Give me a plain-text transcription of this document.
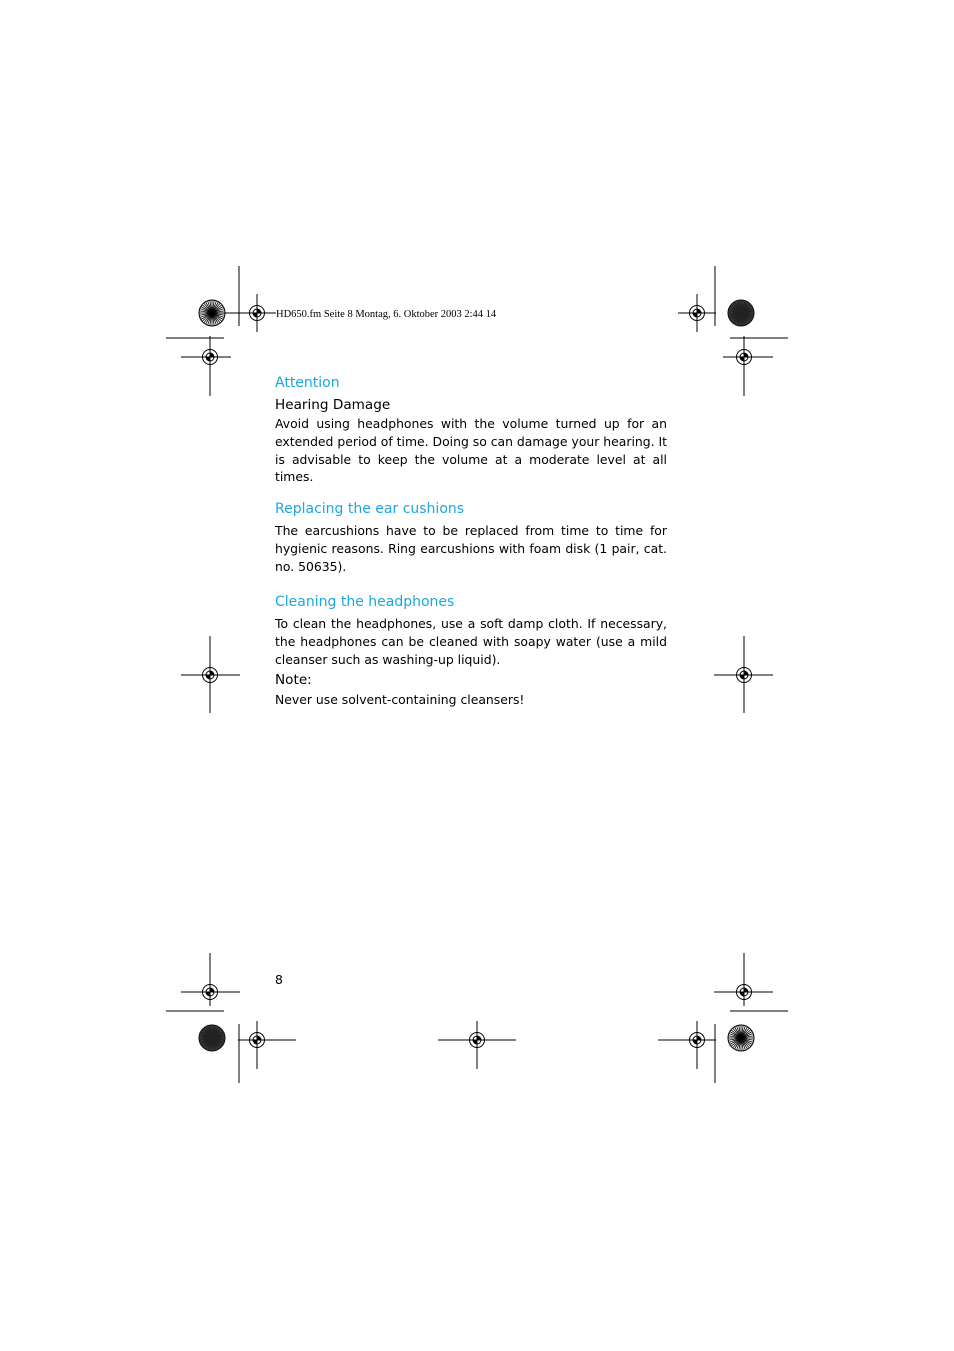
HD650.fm Seite 8 Montag, 6. Oktober 2003 2:44 14
Attention
Hearing Damage

Avoid using headphones with the volume turned up for an extended period of time. Doing so can damage your hearing. It is advisable to keep the volume at a moderate level at all times.

Replacing the ear cushions

The earcushions have to be replaced from time to time for hygienic reasons. Ring earcushions with foam disk (1 pair, cat. no. 50635).

Cleaning the headphones

To clean the headphones, use a soft damp cloth. If necessary, the headphones can be cleaned with soapy water (use a mild cleanser such as washing-up liquid).

Note:

Never use solvent-containing cleansers!

8
